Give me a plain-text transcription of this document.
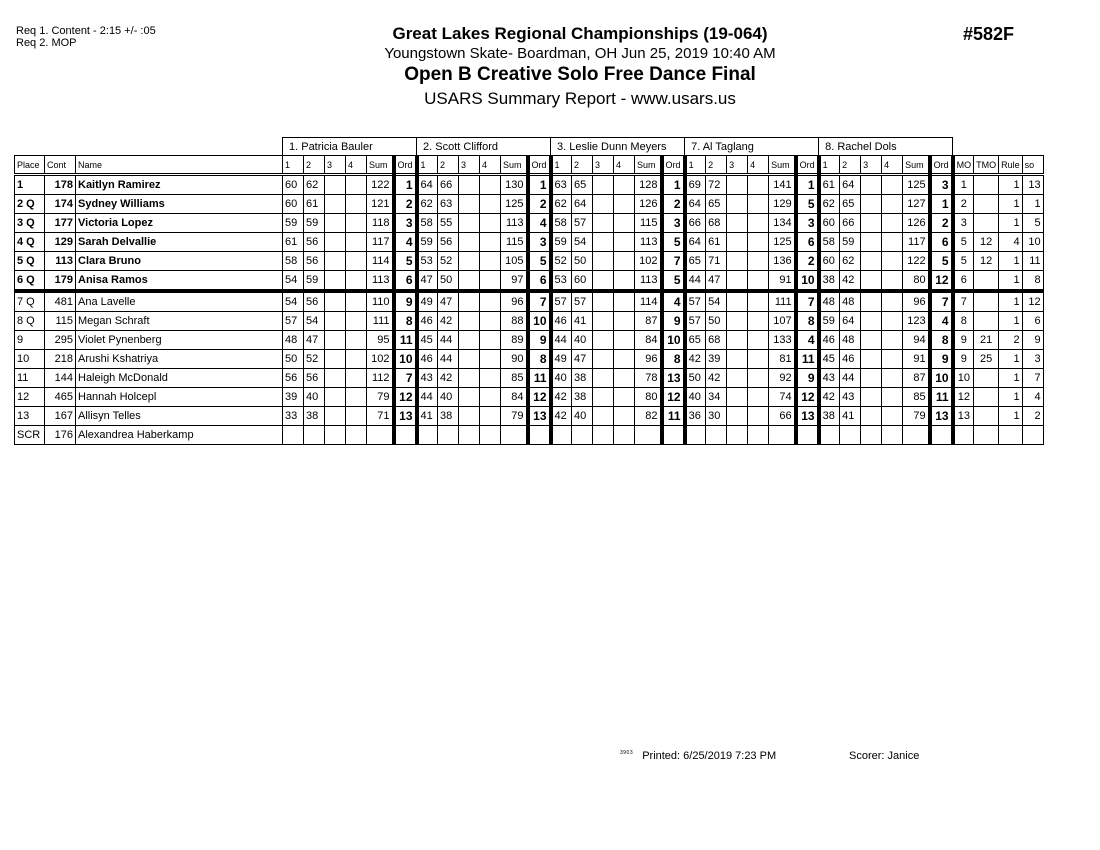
Req 1. Content - 2:15 +/- :05
Req 2. MOP	Great Lakes Regional Championships (19-064)
Youngstown Skate- Boardman, OH Jun 25, 2019 10:40 AM
Open B Creative Solo Free Dance Final
USARS Summary Report - www.usars.us
#582F
			1. Patricia Bauler						2. Scott Clifford						3. Leslie Dunn Meyers						7. Al Taglang						8. Rachel Dols									
Place	Cont	Name	1	2	3	4	Sum	Ord	1	2	3	4	Sum	Ord	1	2	3	4	Sum	Ord	1	2	3	4	Sum	Ord	1	2	3	4	Sum	Ord	MO	TMO	Rule	so
1	178	Kaitlyn Ramirez	60	62			122	1	64	66			130	1	63	65			128	1	69	72			141	1	61	64			125	3	1		1	13
2 Q	174	Sydney Williams	60	61			121	2	62	63			125	2	62	64			126	2	64	65			129	5	62	65			127	1	2		1	1
3 Q	177	Victoria Lopez	59	59			118	3	58	55			113	4	58	57			115	3	66	68			134	3	60	66			126	2	3		1	5
4 Q	129	Sarah Delvallie	61	56			117	4	59	56			115	3	59	54			113	5	64	61			125	6	58	59			117	6	5	12	4	10
5 Q	113	Clara Bruno	58	56			114	5	53	52			105	5	52	50			102	7	65	71			136	2	60	62			122	5	5	12	1	11
6 Q	179	Anisa Ramos	54	59			113	6	47	50			97	6	53	60			113	5	44	47			91	10	38	42			80	12	6		1	8
7 Q	481	Ana Lavelle	54	56			110	9	49	47			96	7	57	57			114	4	57	54			111	7	48	48			96	7	7		1	12
8 Q	115	Megan Schraft	57	54			111	8	46	42			88	10	46	41			87	9	57	50			107	8	59	64			123	4	8		1	6
9	295	Violet Pynenberg	48	47			95	11	45	44			89	9	44	40			84	10	65	68			133	4	46	48			94	8	9	21	2	9
10	218	Arushi Kshatriya	50	52			102	10	46	44			90	8	49	47			96	8	42	39			81	11	45	46			91	9	9	25	1	3
11	144	Haleigh McDonald	56	56			112	7	43	42			85	11	40	38			78	13	50	42			92	9	43	44			87	10	10		1	7
12	465	Hannah Holcepl	39	40			79	12	44	40			84	12	42	38			80	12	40	34			74	12	42	43			85	11	12		1	4
13	167	Allisyn Telles	33	38			71	13	41	38			79	13	42	40			82	11	36	30			66	13	38	41			79	13	13		1	2
SCR	176	Alexandrea Haberkamp																																		
$^{3903}$ Printed: 6/25/2019 7:23 PM	Scorer: Janice
